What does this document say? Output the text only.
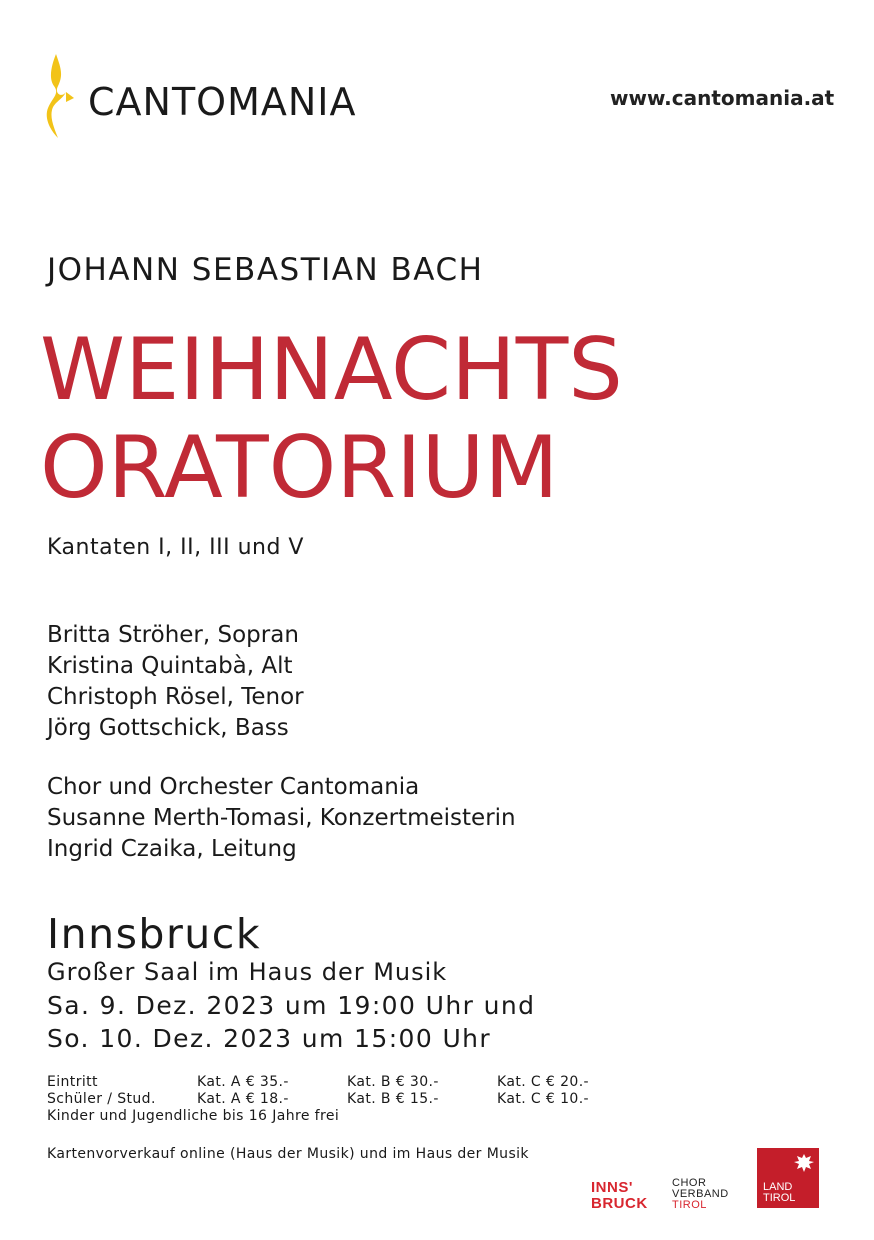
CANTOMANIA	www.cantomania.at
JOHANN SEBASTIAN BACH
WEIHNACHTS
ORATORIUM
Kantaten I, II, III und V
Britta Ströher, Sopran
Kristina Quintabà, Alt
Christoph Rösel, Tenor
Jörg Gottschick, Bass
Chor und Orchester Cantomania
Susanne Merth-Tomasi, Konzertmeisterin
Ingrid Czaika, Leitung
Innsbruck
Großer Saal im Haus der Musik
Sa. 9. Dez. 2023 um 19:00 Uhr und
So. 10. Dez. 2023 um 15:00 Uhr
Eintritt	Kat. A € 35.-	Kat. B € 30.-	Kat. C € 20.-
Schüler / Stud.	Kat. A € 18.-	Kat. B € 15.-	Kat. C € 10.-
Kinder und Jugendliche bis 16 Jahre frei
Kartenvorverkauf online (Haus der Musik) und im Haus der Musik
INNS'
BRUCK
CHOR
VERBAND
TIROL
LAND
TIROL
